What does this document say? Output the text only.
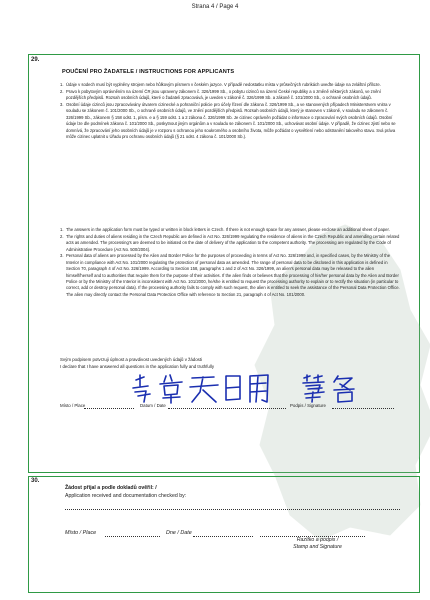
Strana 4 / Page 4
29.
POUČENÍ PRO ŽADATELE / INSTRUCTIONS FOR APPLICANTS
1. Údaje v sodech musí být vyplněny strojem nebo hůlkovým písmem v českém jazyce. V případě nedostatku místa v průsečných rubrikách uveďte údaje na zvláštní příloze.
2. Pravo k pobytovým oprávněním na území ČR jsou upraveny zákonem č. 326/1999 Sb., o pobytu cizinců na území České republiky a o změně některých zákonů, ve znění pozdějších předpisů. Rozsah osobních údajů, které o žadateli zpracovává, je uveden v zákoně č. 326/1999 Sb. a zákoně č. 101/2000 Sb., o ochraně osobních údajů.
3. Osobní údaje cizinců jsou zpracovávány útvarem cizinecké a pohraniční policie pro účely řízení dle zákona č. 326/1999 Sb., a ve stanovených případech Ministerstvem vnitra v souladu se zákonem č. 101/2000 Sb., o ochraně osobních údajů, ve znění pozdějších předpisů. Rozsah osobních údajů, který je stanoven v zákoně, v souladu se zákonem č. 326/1999 Sb., zákonem § 158 odst. 1, písm. e a § 159 odst. 1 a 2 zákona č. 326/1999 Sb. Je cizinec oprávněn požádat o informace o zpracování svých osobních údajů. Osobní údaje lze dle podmínek zákona č. 101/2000 Sb., poskytnout jiným orgánům a v souladu se zákonem č. 101/2000 Sb., uchovávat osobní údaje. V případě, že cizinec zjistí nebo se domnívá, že zpracování jeho osobních údajů je v rozporu s ochranou jeho soukromého a osobního života, může požádat o vysvětlení nebo odstranění takového stavu. Svá práva může cizinec uplatnit u Úřadu pro ochranu osobních údajů (§ 21 odst. 4 zákona č. 101/2000 Sb.).
1. The answers in the application form must be typed or written in block letters in Czech. If there is not enough space for any answer, please enclose an additional sheet of paper.
2. The rights and duties of aliens residing in the Czech Republic are defined in Act No. 326/1999 regulating the residence of aliens in the Czech Republic and amending certain related acts as amended. The processing's are deemed to be initiated on the date of delivery of the application to the competent authority. The processing are regulated by the Code of Administrative Procedure (Act No. 500/2004).
3. Personal data of aliens are processed by the Alien and Border Police for the purposes of proceeding in terms of Act No. 326/1999 and, in specified cases, by the Ministry of the Interior in compliance with Act No. 101/2000 regulating the protection of personal data as amended. The range of personal data to be disclosed in this application is defined in Section 70, paragraph 4 of Act No. 326/1999. According to Section 158, paragraphs 1 and 2 of Act No. 326/1999, an alien's personal data may be released to the alien himself/herself and to authorities that require them for the purpose of their activities. If the alien finds or believes that the processing of his/her personal data by the Alien and Border Police or by the Ministry of the Interior is inconsistent with Act No. 101/2000, he/she is entitled to request the processing authority to explain or to rectify the situation (in particular to correct, add or destroy personal data). If the processing authority fails to comply with such request, the alien is entitled to seek the assistance of the Personal Data Protection Office. The alien may directly contact the Personal Data Protection Office with reference to Section 21, paragraph 4 of Act No. 101/2000.
Svým podpisem potvrzuji úplnost a pravdivost uvedených údajů v žádosti
I declare that I have answered all questions in the application fully and truthfully
Místo / Place	Datum / Date	Podpis / Signature
30.
Žádost přijal a podle dokladů ověřil: /
Application received and documentation checked by:
Místo / Place	Dne / Date
Razítko a podpis /
Stamp and Signature
